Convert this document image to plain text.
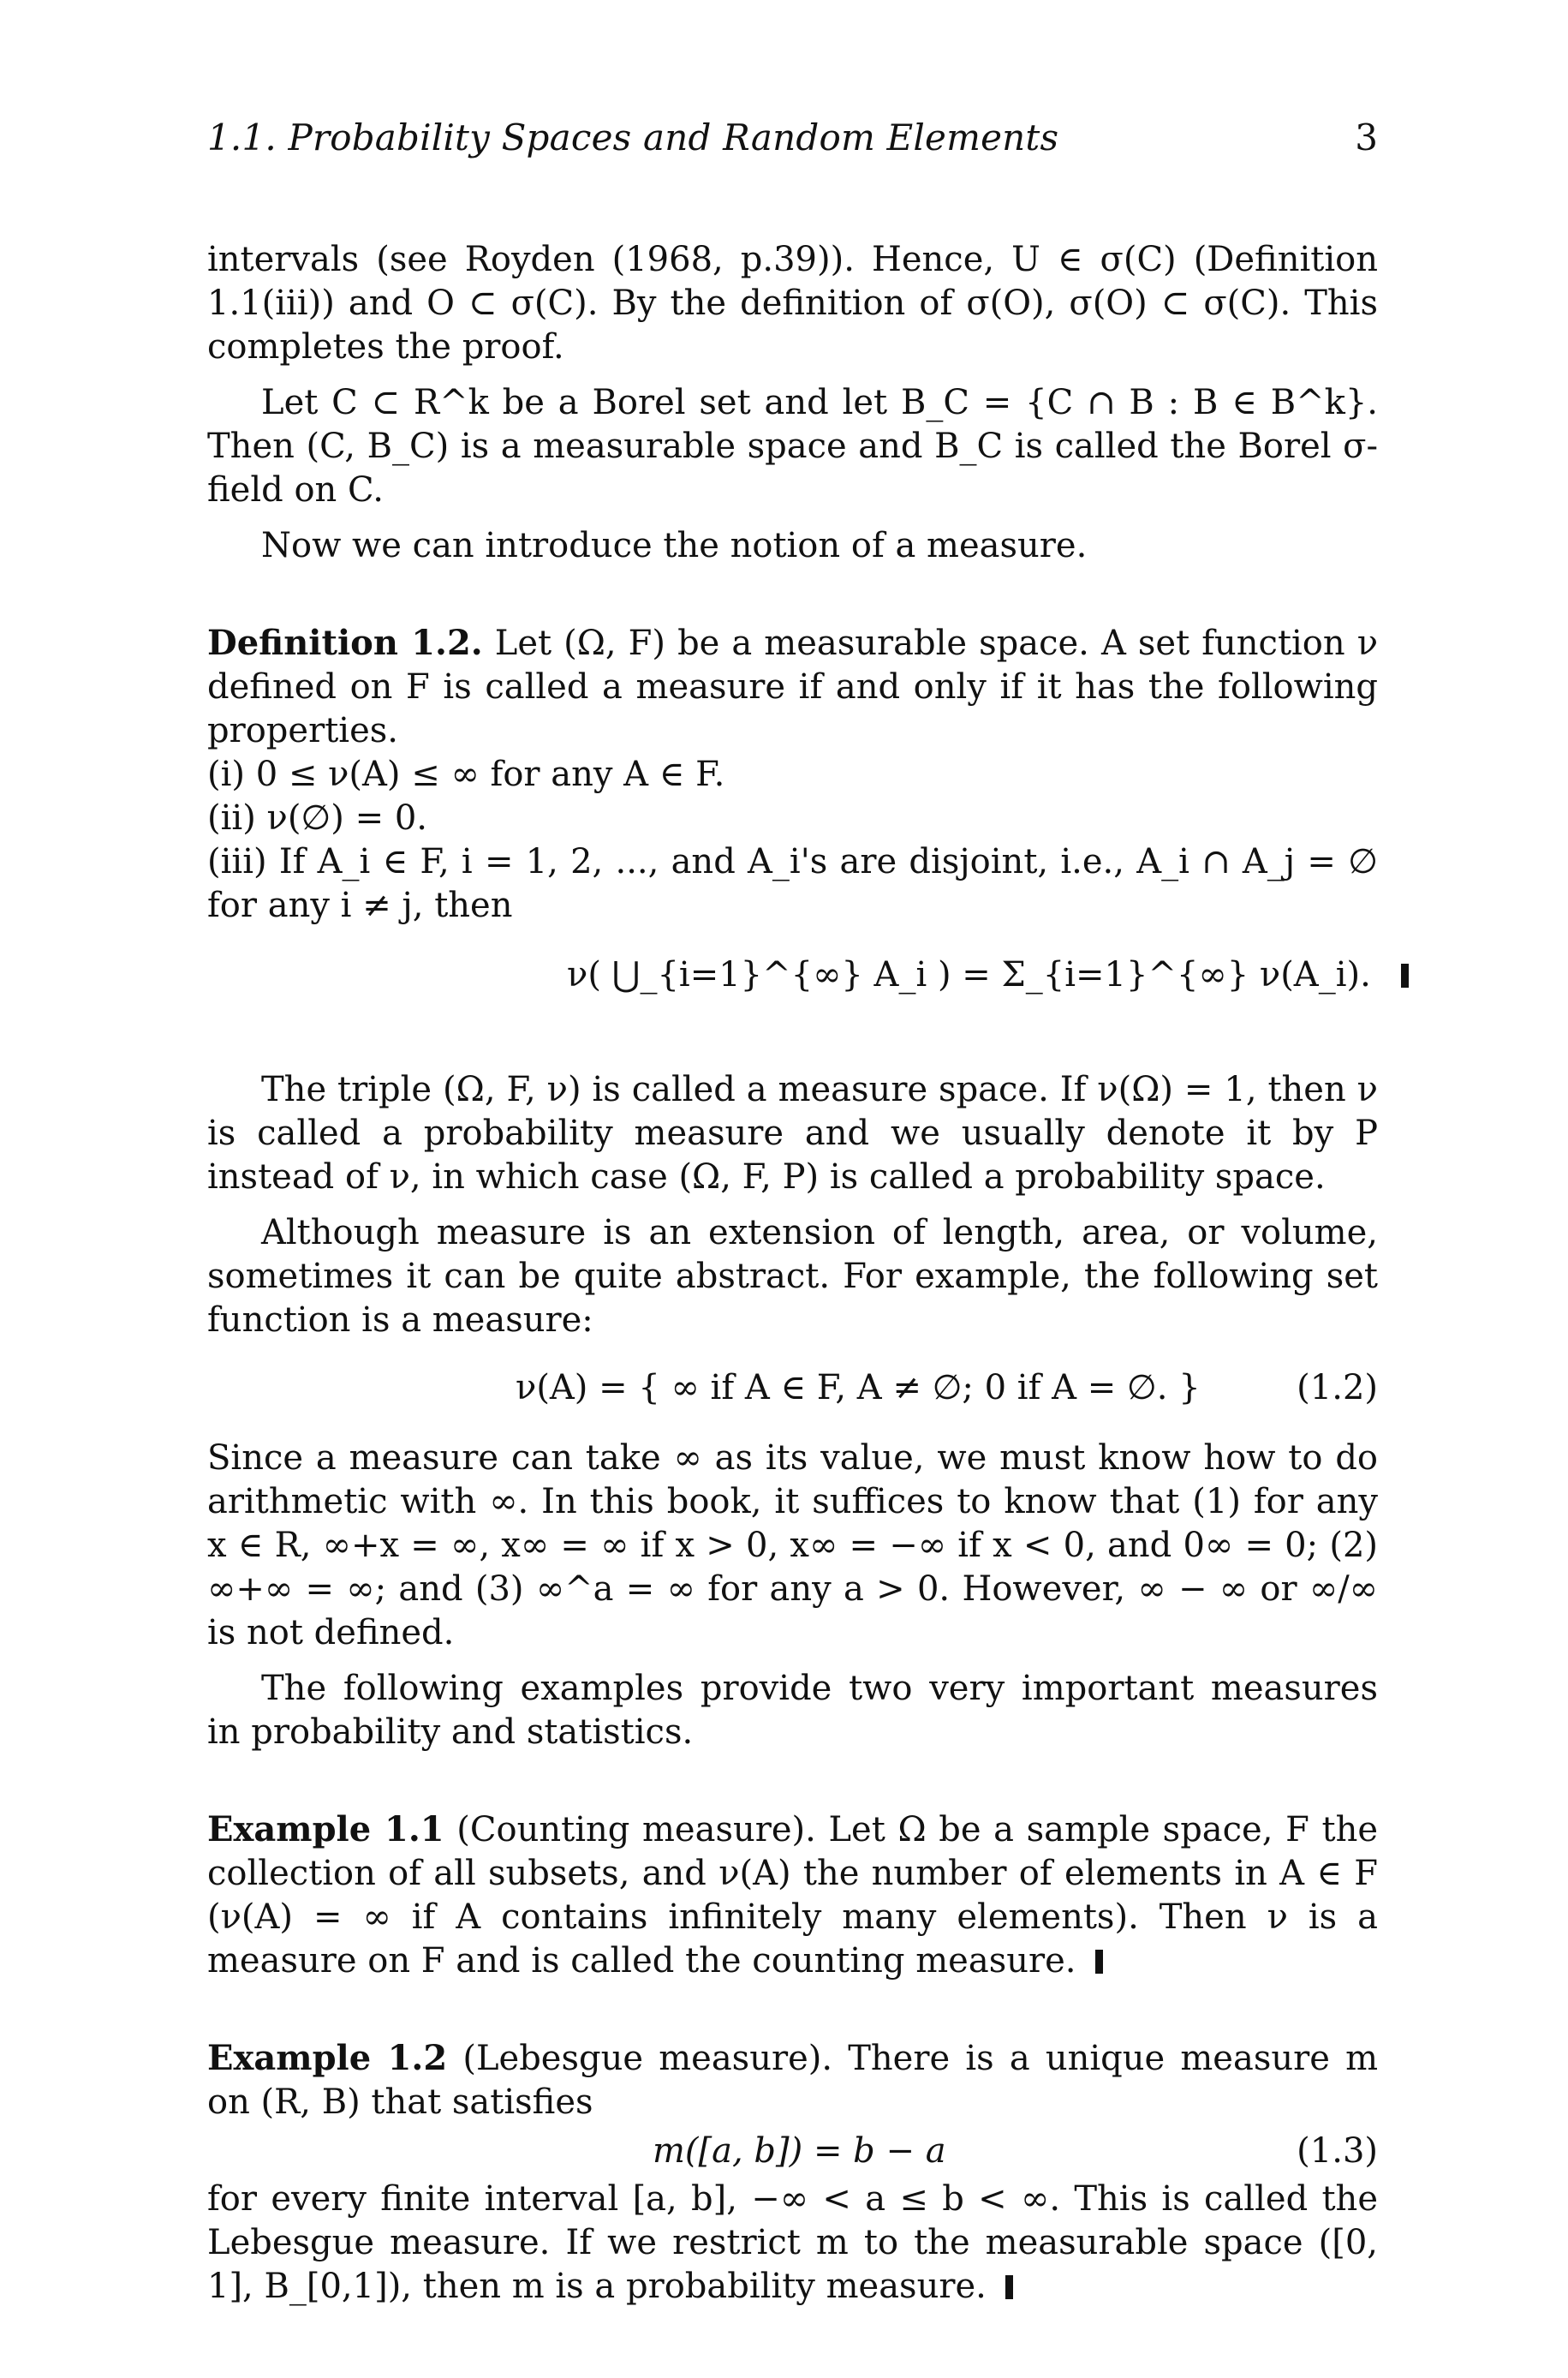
1.1. Probability Spaces and Random Elements	3

intervals (see Royden (1968, p.39)). Hence, U ∈ σ(C) (Definition 1.1(iii)) and O ⊂ σ(C). By the definition of σ(O), σ(O) ⊂ σ(C). This completes the proof.

Let C ⊂ R^k be a Borel set and let B_C = {C ∩ B : B ∈ B^k}. Then (C, B_C) is a measurable space and B_C is called the Borel σ-field on C.

Now we can introduce the notion of a measure.

Definition 1.2. Let (Ω, F) be a measurable space. A set function ν defined on F is called a measure if and only if it has the following properties.

(i) 0 ≤ ν(A) ≤ ∞ for any A ∈ F.

(ii) ν(∅) = 0.

(iii) If A_i ∈ F, i = 1, 2, ..., and A_i's are disjoint, i.e., A_i ∩ A_j = ∅ for any i ≠ j, then

ν( ⋃_{i=1}^{∞} A_i ) = Σ_{i=1}^{∞} ν(A_i).

The triple (Ω, F, ν) is called a measure space. If ν(Ω) = 1, then ν is called a probability measure and we usually denote it by P instead of ν, in which case (Ω, F, P) is called a probability space.

Although measure is an extension of length, area, or volume, sometimes it can be quite abstract. For example, the following set function is a measure:

ν(A) = { ∞ if A ∈ F, A ≠ ∅; 0 if A = ∅. }	(1.2)

Since a measure can take ∞ as its value, we must know how to do arithmetic with ∞. In this book, it suffices to know that (1) for any x ∈ R, ∞+x = ∞, x∞ = ∞ if x > 0, x∞ = −∞ if x < 0, and 0∞ = 0; (2) ∞+∞ = ∞; and (3) ∞^a = ∞ for any a > 0. However, ∞ − ∞ or ∞/∞ is not defined.

The following examples provide two very important measures in probability and statistics.

Example 1.1 (Counting measure). Let Ω be a sample space, F the collection of all subsets, and ν(A) the number of elements in A ∈ F (ν(A) = ∞ if A contains infinitely many elements). Then ν is a measure on F and is called the counting measure.

Example 1.2 (Lebesgue measure). There is a unique measure m on (R, B) that satisfies

m([a, b]) = b − a	(1.3)

for every finite interval [a, b], −∞ < a ≤ b < ∞. This is called the Lebesgue measure. If we restrict m to the measurable space ([0, 1], B_[0,1]), then m is a probability measure.
